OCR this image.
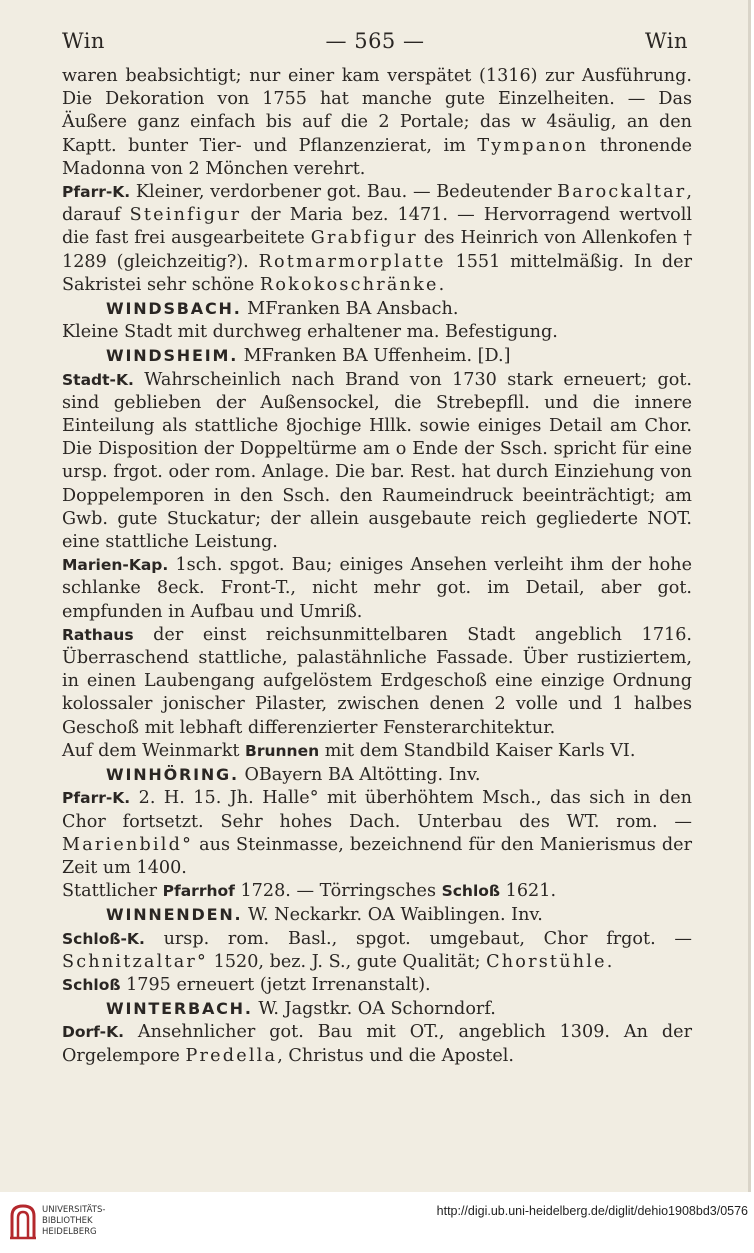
Win	— 565 —	Win

waren beabsichtigt; nur einer kam verspätet (1316) zur Ausführung. Die Dekoration von 1755 hat manche gute Einzelheiten. — Das Äußere ganz einfach bis auf die 2 Portale; das w 4säulig, an den Kaptt. bunter Tier- und Pflanzenzierat, im Tympanon thronende Madonna von 2 Mönchen verehrt.

Pfarr-K. Kleiner, verdorbener got. Bau. — Bedeutender Barockaltar, darauf Steinfigur der Maria bez. 1471. — Hervorragend wertvoll die fast frei ausgearbeitete Grabfigur des Heinrich von Allenkofen † 1289 (gleichzeitig?). Rotmarmorplatte 1551 mittelmäßig. In der Sakristei sehr schöne Rokokoschränke.

WINDSBACH. MFranken BA Ansbach.

Kleine Stadt mit durchweg erhaltener ma. Befestigung.

WINDSHEIM. MFranken BA Uffenheim. [D.]

Stadt-K. Wahrscheinlich nach Brand von 1730 stark erneuert; got. sind geblieben der Außensockel, die Strebepfll. und die innere Einteilung als stattliche 8jochige Hllk. sowie einiges Detail am Chor. Die Disposition der Doppeltürme am o Ende der Ssch. spricht für eine ursp. frgot. oder rom. Anlage. Die bar. Rest. hat durch Einziehung von Doppelemporen in den Ssch. den Raumeindruck beeinträchtigt; am Gwb. gute Stuckatur; der allein ausgebaute reich gegliederte NOT. eine stattliche Leistung.

Marien-Kap. 1sch. spgot. Bau; einiges Ansehen verleiht ihm der hohe schlanke 8eck. Front-T., nicht mehr got. im Detail, aber got. empfunden in Aufbau und Umriß.

Rathaus der einst reichsunmittelbaren Stadt angeblich 1716. Überraschend stattliche, palastähnliche Fassade. Über rustiziertem, in einen Laubengang aufgelöstem Erdgeschoß eine einzige Ordnung kolossaler jonischer Pilaster, zwischen denen 2 volle und 1 halbes Geschoß mit lebhaft differenzierter Fensterarchitektur.

Auf dem Weinmarkt Brunnen mit dem Standbild Kaiser Karls VI.

WINHÖRING. OBayern BA Altötting. Inv.

Pfarr-K. 2. H. 15. Jh. Halle° mit überhöhtem Msch., das sich in den Chor fortsetzt. Sehr hohes Dach. Unterbau des WT. rom. — Marienbild° aus Steinmasse, bezeichnend für den Manierismus der Zeit um 1400.

Stattlicher Pfarrhof 1728. — Törringsches Schloß 1621.

WINNENDEN. W. Neckarkr. OA Waiblingen. Inv.

Schloß-K. ursp. rom. Basl., spgot. umgebaut, Chor frgot. — Schnitzaltar° 1520, bez. J. S., gute Qualität; Chorstühle.

Schloß 1795 erneuert (jetzt Irrenanstalt).

WINTERBACH. W. Jagstkr. OA Schorndorf.

Dorf-K. Ansehnlicher got. Bau mit OT., angeblich 1309. An der Orgelempore Predella, Christus und die Apostel.

UNIVERSITÄTS-
BIBLIOTHEK
HEIDELBERG
http://digi.ub.uni-heidelberg.de/diglit/dehio1908bd3/0576
